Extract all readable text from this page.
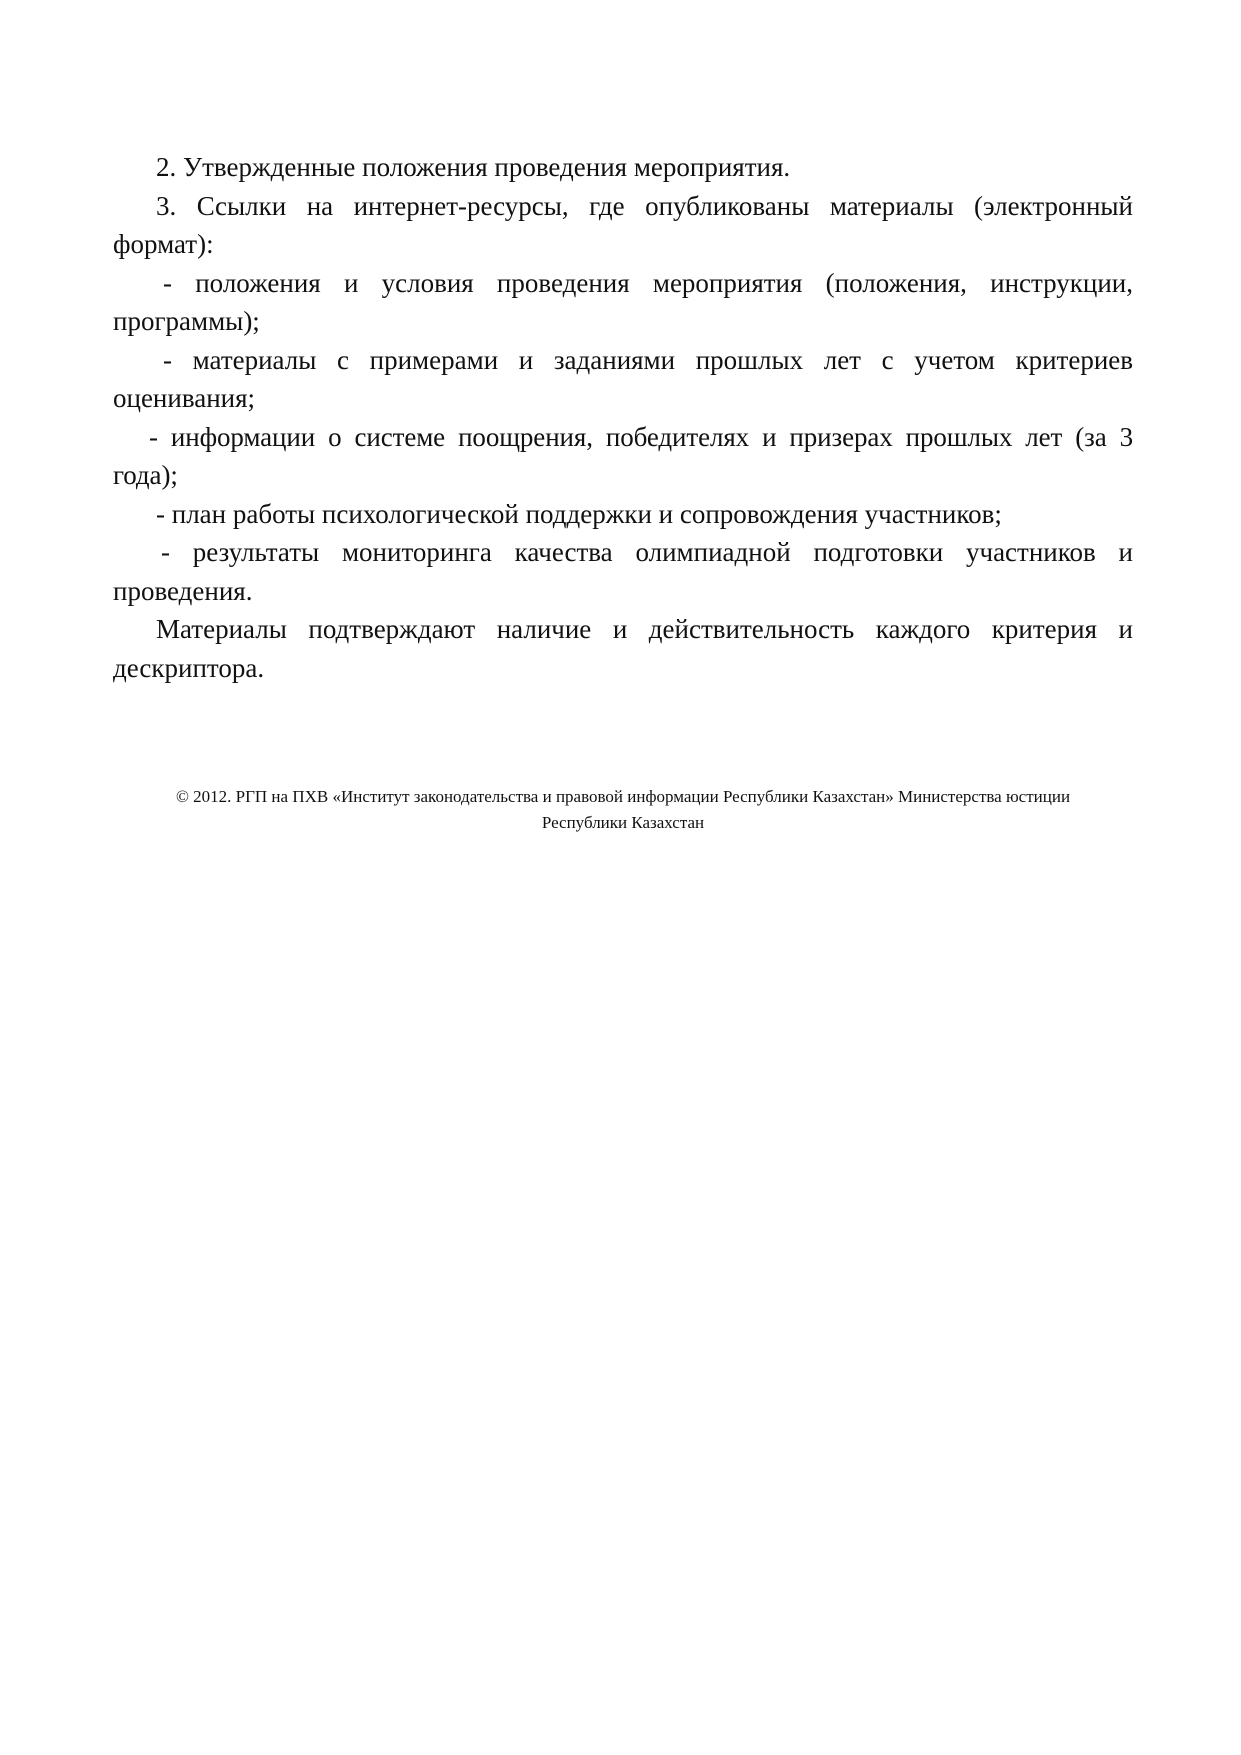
2. Утвержденные положения проведения мероприятия.

3. Ссылки на интернет-ресурсы, где опубликованы материалы (электронный формат):

- положения и условия проведения мероприятия (положения, инструкции, программы);

- материалы с примерами и заданиями прошлых лет с учетом критериев оценивания;

- информации о системе поощрения, победителях и призерах прошлых лет (за 3 года);

- план работы психологической поддержки и сопровождения участников;

- результаты мониторинга качества олимпиадной подготовки участников и проведения.

Материалы подтверждают наличие и действительность каждого критерия и дескриптора.

© 2012. РГП на ПХВ «Институт законодательства и правовой информации Республики Казахстан» Министерства юстиции
Республики Казахстан
